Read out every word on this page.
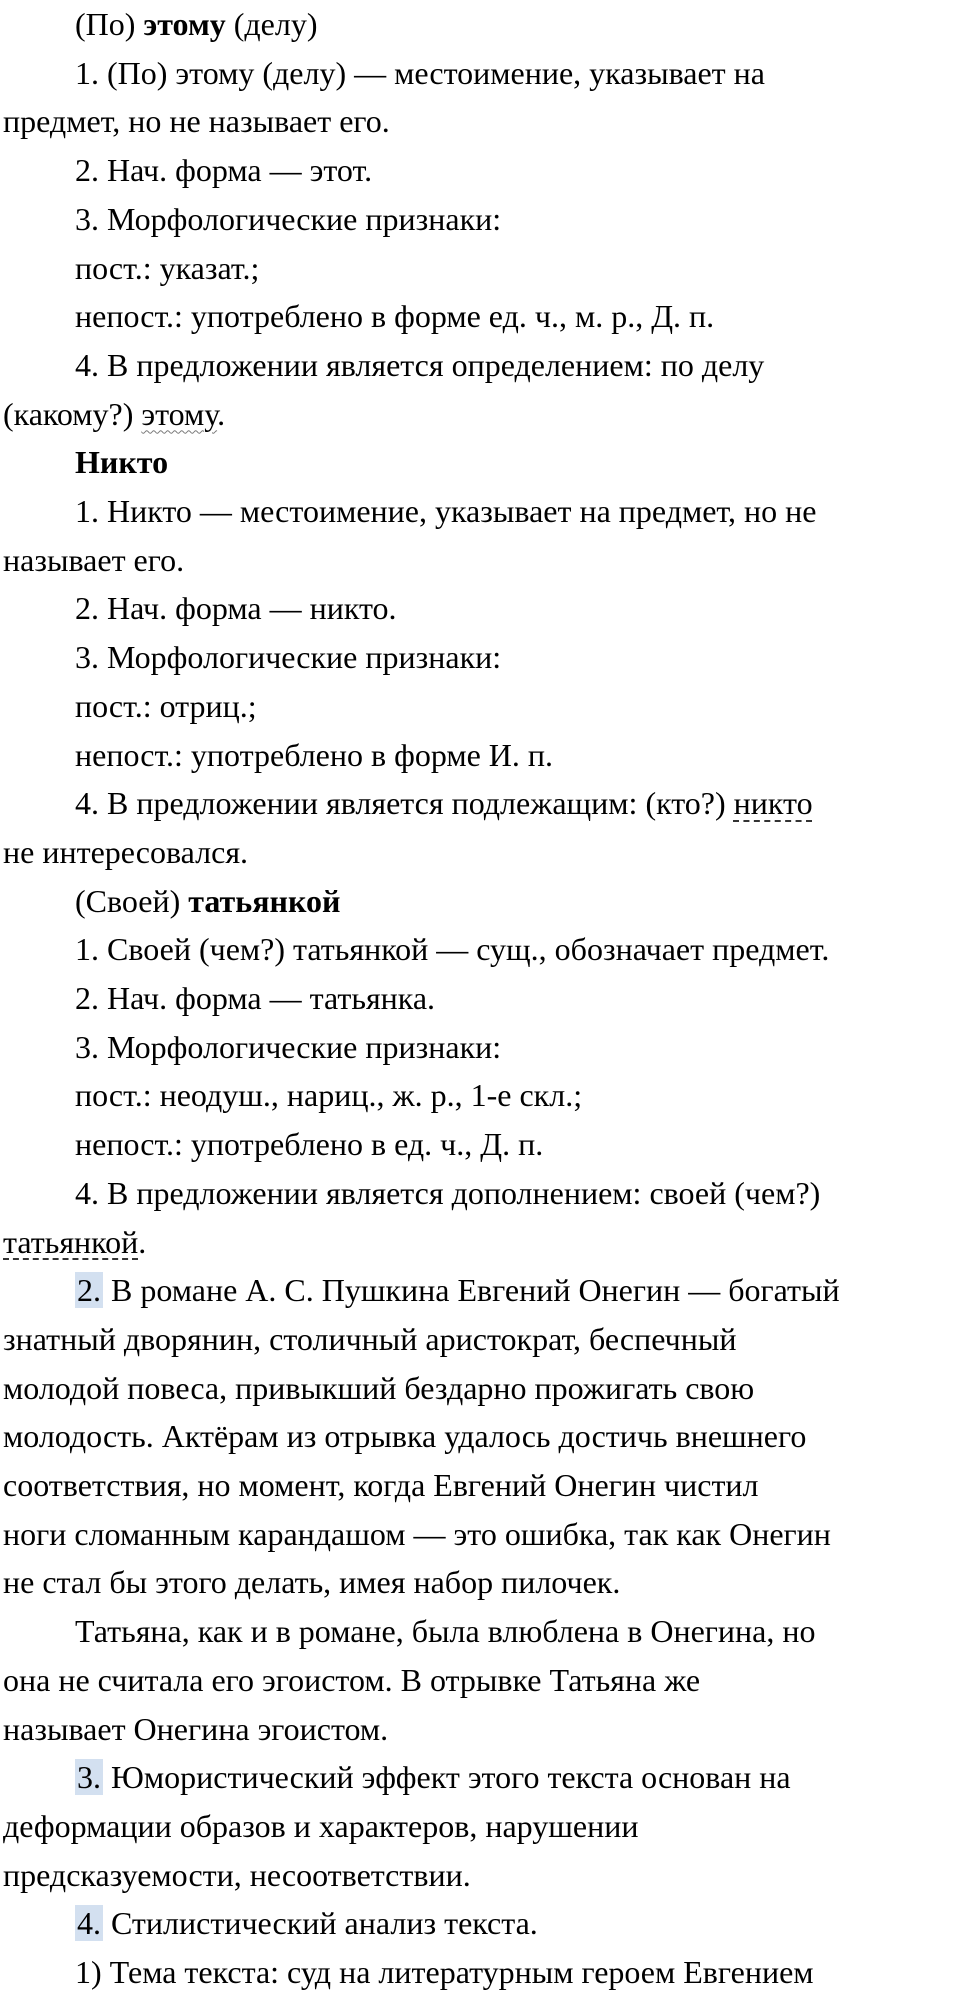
(По) этому (делу)
1. (По) этому (делу) — местоимение, указывает на
предмет, но не называет его.
2. Нач. форма — этот.
3. Морфологические признаки:
пост.: указат.;
непост.: употреблено в форме ед. ч., м. р., Д. п.
4. В предложении является определением: по делу
(какому?) этому.
Никто
1. Никто — местоимение, указывает на предмет, но не
называет его.
2. Нач. форма — никто.
3. Морфологические признаки:
пост.: отриц.;
непост.: употреблено в форме И. п.
4. В предложении является подлежащим: (кто?) никто
не интересовался.
(Своей) татьянкой
1. Своей (чем?) татьянкой — сущ., обозначает предмет.
2. Нач. форма — татьянка.
3. Морфологические признаки:
пост.: неодуш., нариц., ж. р., 1-е скл.;
непост.: употреблено в ед. ч., Д. п.
4. В предложении является дополнением: своей (чем?)
татьянкой.
2. В романе А. С. Пушкина Евгений Онегин — богатый
знатный дворянин, столичный аристократ, беспечный
молодой повеса, привыкший бездарно прожигать свою
молодость. Актёрам из отрывка удалось достичь внешнего
соответствия, но момент, когда Евгений Онегин чистил
ноги сломанным карандашом — это ошибка, так как Онегин
не стал бы этого делать, имея набор пилочек.
Татьяна, как и в романе, была влюблена в Онегина, но
она не считала его эгоистом. В отрывке Татьяна же
называет Онегина эгоистом.
3. Юмористический эффект этого текста основан на
деформации образов и характеров, нарушении
предсказуемости, несоответствии.
4. Стилистический анализ текста.
1) Тема текста: суд на литературным героем Евгением
